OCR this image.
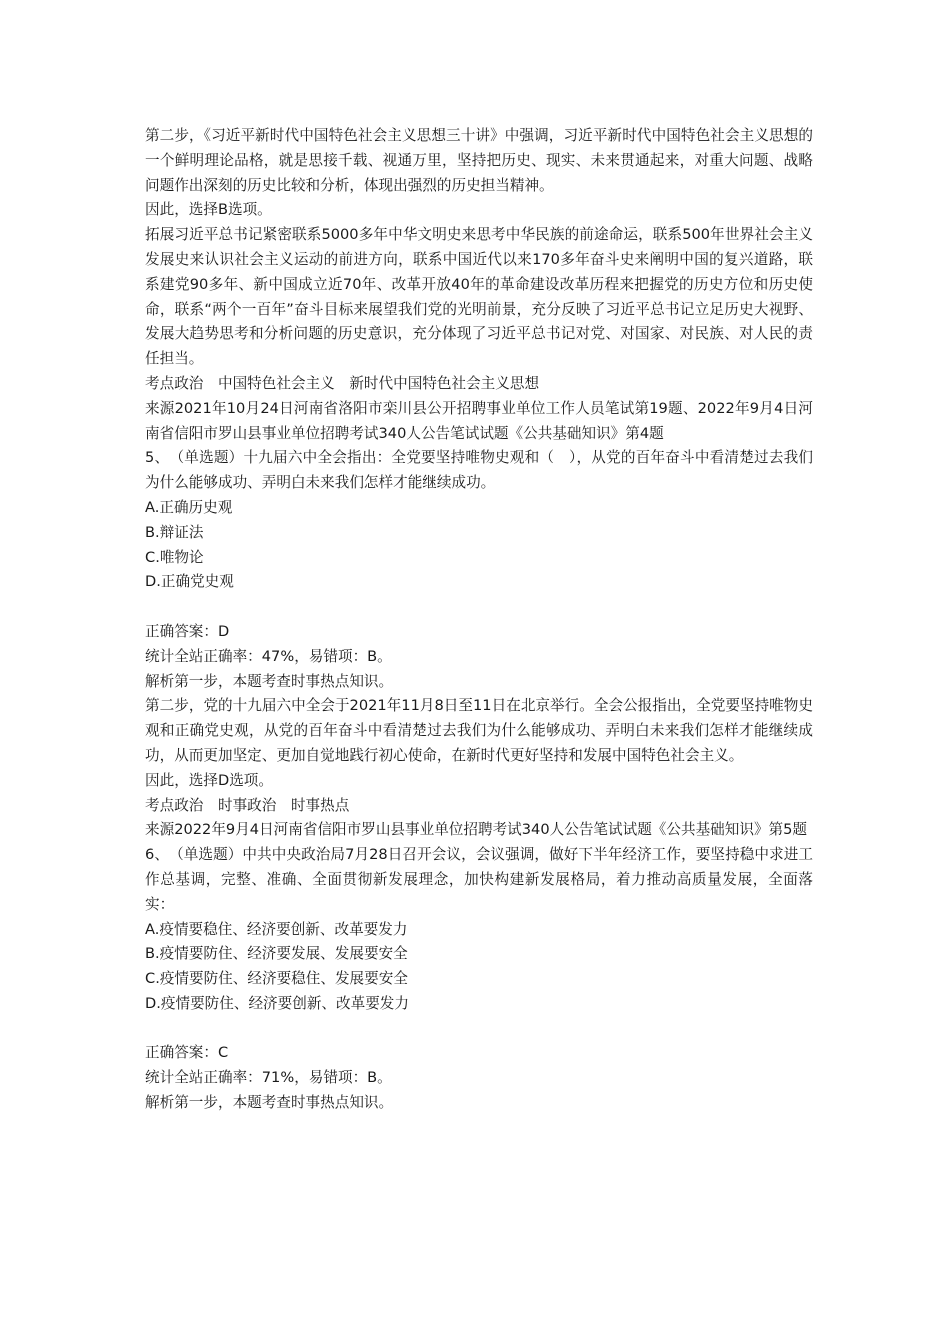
第二步，《习近平新时代中国特色社会主义思想三十讲》中强调，习近平新时代中国特色社会主义思想的一个鲜明理论品格，就是思接千载、视通万里，坚持把历史、现实、未来贯通起来，对重大问题、战略问题作出深刻的历史比较和分析，体现出强烈的历史担当精神。

因此，选择B选项。

拓展习近平总书记紧密联系5000多年中华文明史来思考中华民族的前途命运，联系500年世界社会主义发展史来认识社会主义运动的前进方向，联系中国近代以来170多年奋斗史来阐明中国的复兴道路，联系建党90多年、新中国成立近70年、改革开放40年的革命建设改革历程来把握党的历史方位和历史使命，联系“两个一百年”奋斗目标来展望我们党的光明前景，充分反映了习近平总书记立足历史大视野、发展大趋势思考和分析问题的历史意识，充分体现了习近平总书记对党、对国家、对民族、对人民的责任担当。

考点政治　中国特色社会主义　新时代中国特色社会主义思想

来源2021年10月24日河南省洛阳市栾川县公开招聘事业单位工作人员笔试第19题、2022年9月4日河南省信阳市罗山县事业单位招聘考试340人公告笔试试题《公共基础知识》第4题

5、　（单选题）十九届六中全会指出：全党要坚持唯物史观和（　），从党的百年奋斗中看清楚过去我们为什么能够成功、弄明白未来我们怎样才能继续成功。

A.正确历史观

B.辩证法

C.唯物论

D.正确党史观

正确答案：D

统计全站正确率：47%，易错项：B。

解析第一步，本题考查时事热点知识。

第二步，党的十九届六中全会于2021年11月8日至11日在北京举行。全会公报指出，全党要坚持唯物史观和正确党史观，从党的百年奋斗中看清楚过去我们为什么能够成功、弄明白未来我们怎样才能继续成功，从而更加坚定、更加自觉地践行初心使命，在新时代更好坚持和发展中国特色社会主义。

因此，选择D选项。

考点政治　时事政治　时事热点

来源2022年9月4日河南省信阳市罗山县事业单位招聘考试340人公告笔试试题《公共基础知识》第5题

6、　（单选题）中共中央政治局7月28日召开会议，会议强调，做好下半年经济工作，要坚持稳中求进工作总基调，完整、准确、全面贯彻新发展理念，加快构建新发展格局，着力推动高质量发展，全面落实：

A.疫情要稳住、经济要创新、改革要发力

B.疫情要防住、经济要发展、发展要安全

C.疫情要防住、经济要稳住、发展要安全

D.疫情要防住、经济要创新、改革要发力

正确答案：C

统计全站正确率：71%，易错项：B。

解析第一步，本题考查时事热点知识。
